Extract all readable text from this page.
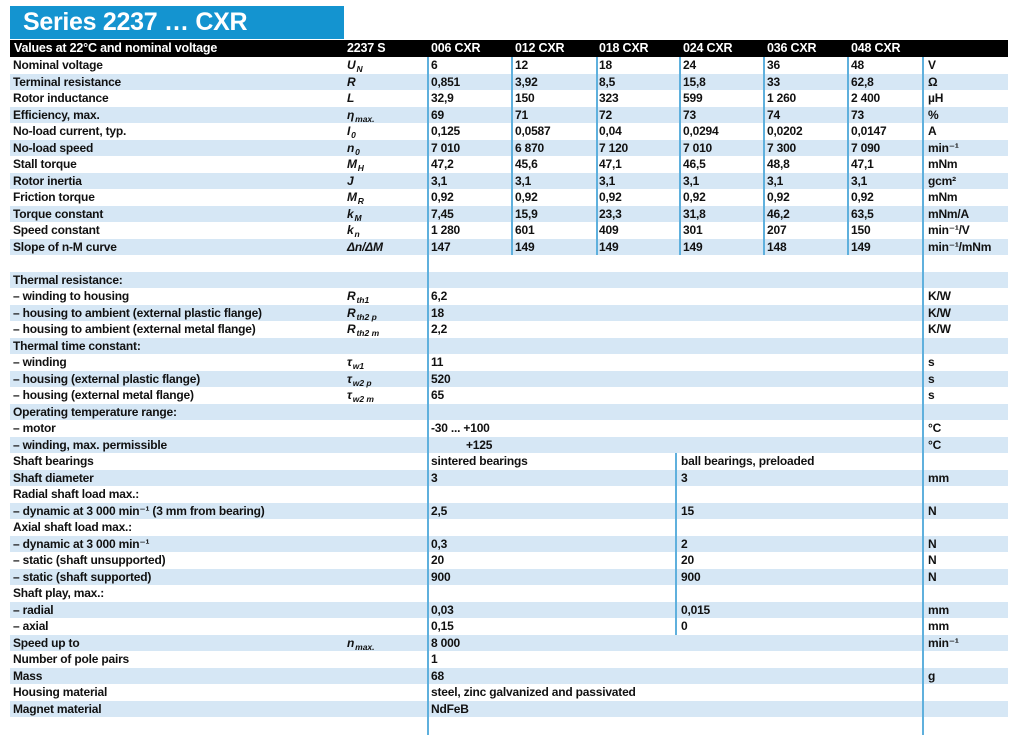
Series 2237 … CXR
Values at 22°C and nominal voltage	2237 S	006 CXR	012 CXR	018 CXR	024 CXR	036 CXR	048 CXR
Nominal voltage	$U_N$	6	12	18	24	36	48	V
Terminal resistance	R	0,851	3,92	8,5	15,8	33	62,8	Ω
Rotor inductance	L	32,9	150	323	599	1 260	2 400	µH
Efficiency, max.	$\eta_{max.}$	69	71	72	73	74	73	%
No-load current, typ.	$I_0$	0,125	0,0587	0,04	0,0294	0,0202	0,0147	A
No-load speed	$n_0$	7 010	6 870	7 120	7 010	7 300	7 090	min⁻¹
Stall torque	$M_H$	47,2	45,6	47,1	46,5	48,8	47,1	mNm
Rotor inertia	J	3,1	3,1	3,1	3,1	3,1	3,1	gcm²
Friction torque	$M_R$	0,92	0,92	0,92	0,92	0,92	0,92	mNm
Torque constant	$k_M$	7,45	15,9	23,3	31,8	46,2	63,5	mNm/A
Speed constant	$k_n$	1 280	601	409	301	207	150	min⁻¹/V
Slope of n-M curve	Δn/ΔM	147	149	149	149	148	149	min⁻¹/mNm
Thermal resistance:
– winding to housing	$R_{th1}$	6,2	K/W
– housing to ambient (external plastic flange)	$R_{th2 p}$	18	K/W
– housing to ambient (external metal flange)	$R_{th2 m}$	2,2	K/W
Thermal time constant:
– winding	$\tau_{w1}$	11	s
– housing (external plastic flange)	$\tau_{w2 p}$	520	s
– housing (external metal flange)	$\tau_{w2 m}$	65	s
Operating temperature range:
– motor	-30 ... +100	°C
– winding, max. permissible	+125	°C
Shaft bearings	sintered bearings	ball bearings, preloaded
Shaft diameter	3	3	mm
Radial shaft load max.:
– dynamic at 3 000 min⁻¹ (3 mm from bearing)	2,5	15	N
Axial shaft load max.:
– dynamic at 3 000 min⁻¹	0,3	2	N
– static (shaft unsupported)	20	20	N
– static (shaft supported)	900	900	N
Shaft play, max.:
– radial	0,03	0,015	mm
– axial	0,15	0	mm
Speed up to	$n_{max.}$	8 000	min⁻¹
Number of pole pairs	1
Mass	68	g
Housing material	steel, zinc galvanized and passivated
Magnet material	NdFeB
